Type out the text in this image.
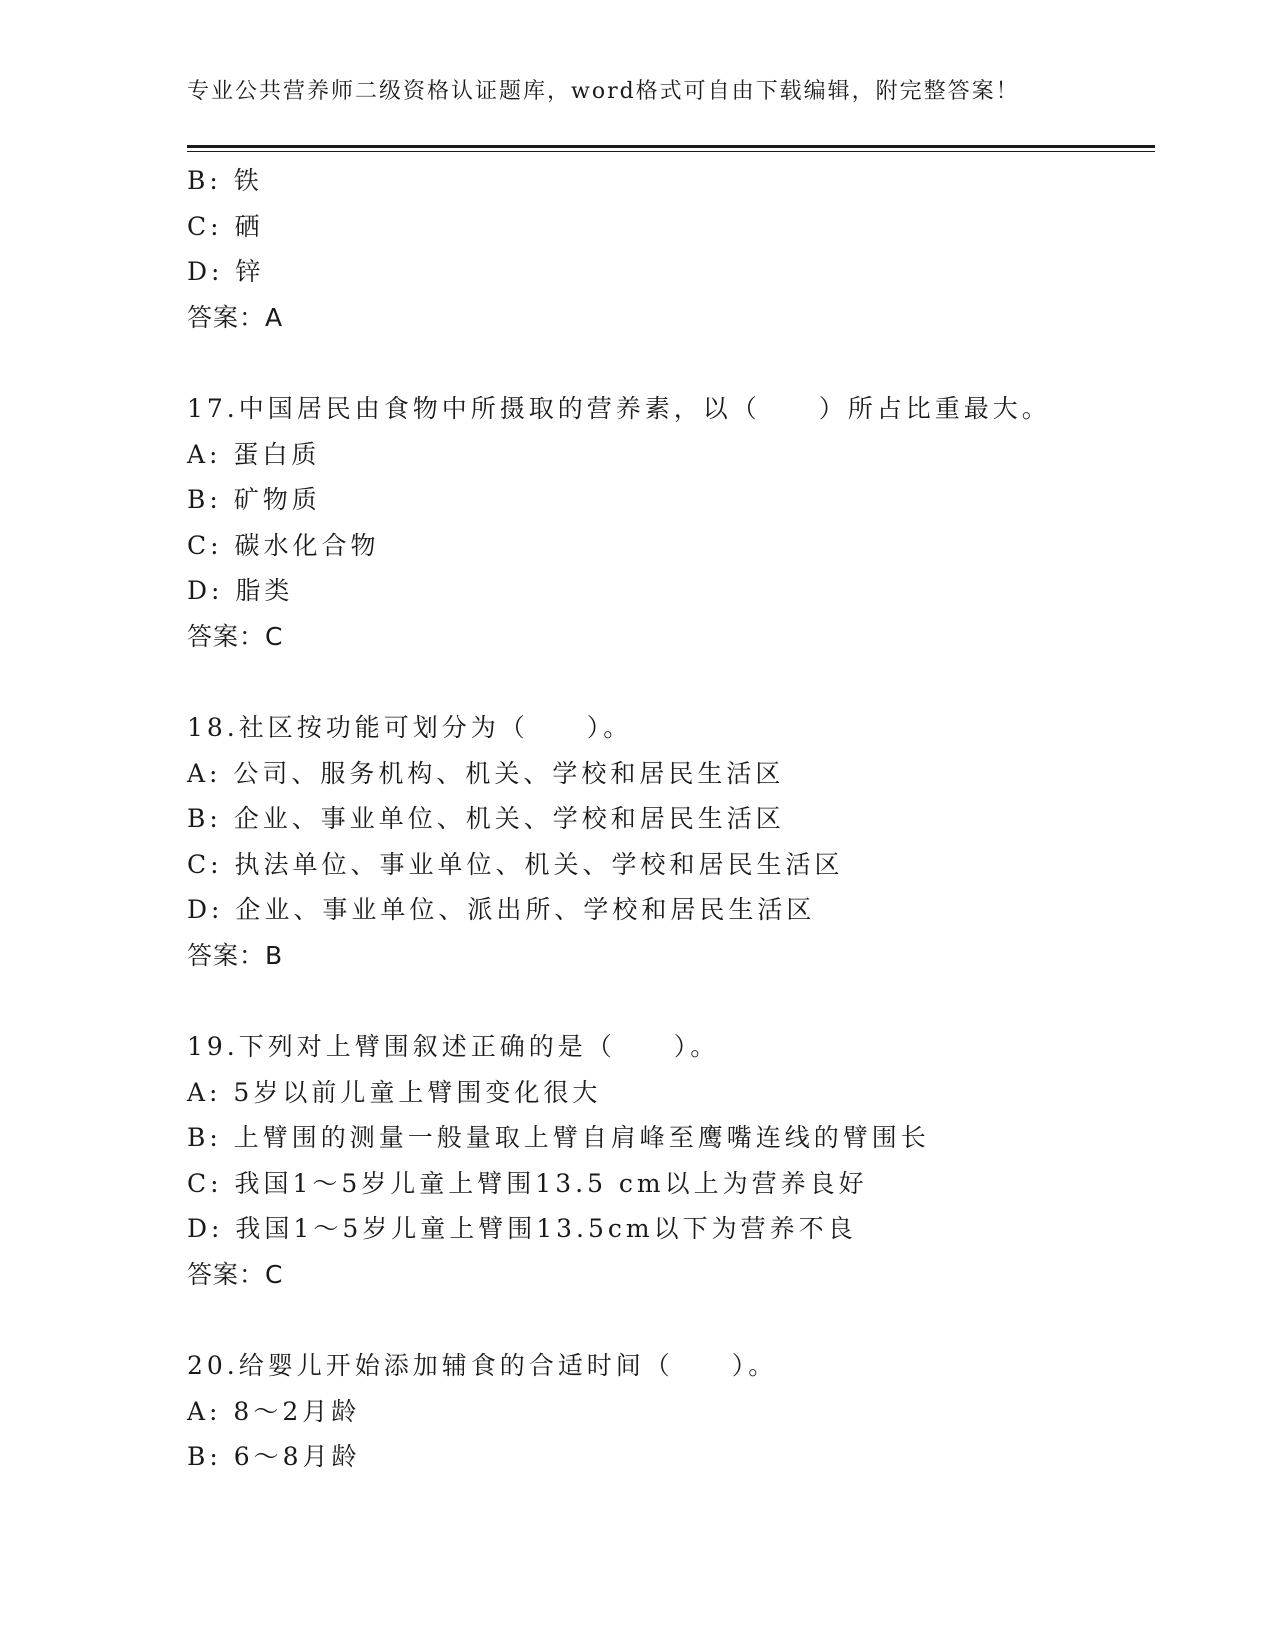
专业公共营养师二级资格认证题库，word格式可自由下载编辑，附完整答案！
B: 铁
C: 硒
D: 锌
答案：A
17.中国居民由食物中所摄取的营养素，以（　　）所占比重最大。
A: 蛋白质
B: 矿物质
C: 碳水化合物
D: 脂类
答案：C
18.社区按功能可划分为（　　）。
A: 公司、服务机构、机关、学校和居民生活区
B: 企业、事业单位、机关、学校和居民生活区
C: 执法单位、事业单位、机关、学校和居民生活区
D: 企业、事业单位、派出所、学校和居民生活区
答案：B
19.下列对上臂围叙述正确的是（　　）。
A: 5岁以前儿童上臂围变化很大
B: 上臂围的测量一般量取上臂自肩峰至鹰嘴连线的臂围长
C: 我国1～5岁儿童上臂围13.5 cm以上为营养良好
D: 我国1～5岁儿童上臂围13.5cm以下为营养不良
答案：C
20.给婴儿开始添加辅食的合适时间（　　）。
A: 8～2月龄
B: 6～8月龄
